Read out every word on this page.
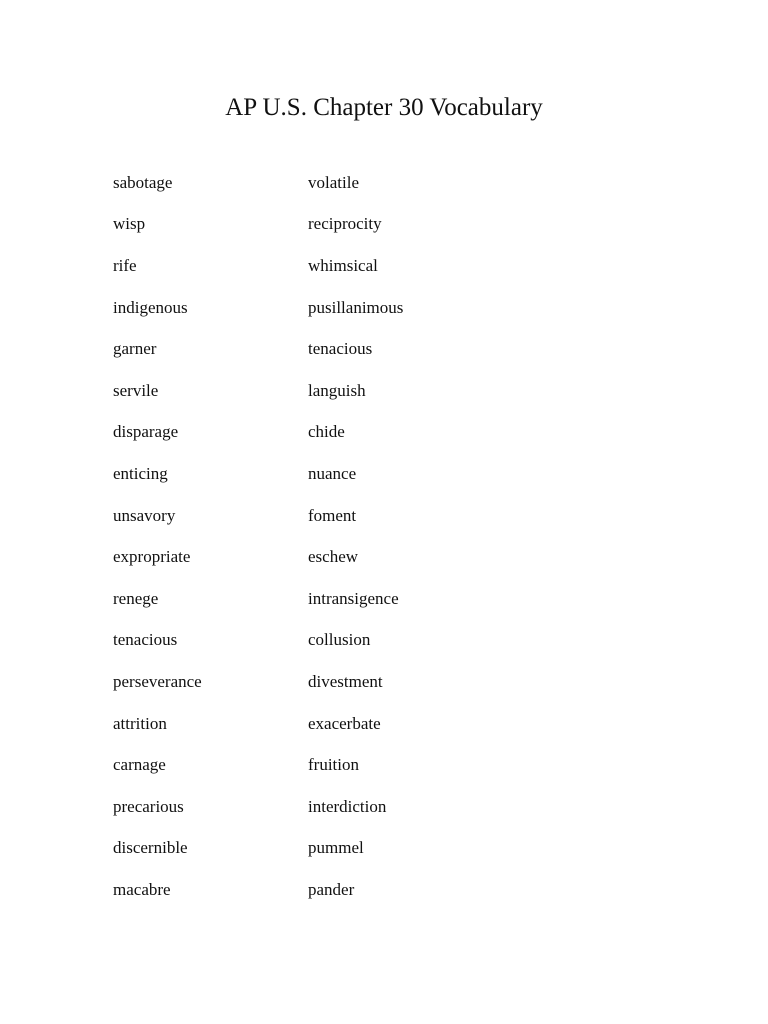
AP U.S. Chapter 30 Vocabulary
sabotage	volatile
wisp	reciprocity
rife	whimsical
indigenous	pusillanimous
garner	tenacious
servile	languish
disparage	chide
enticing	nuance
unsavory	foment
expropriate	eschew
renege	intransigence
tenacious	collusion
perseverance	divestment
attrition	exacerbate
carnage	fruition
precarious	interdiction
discernible	pummel
macabre	pander
